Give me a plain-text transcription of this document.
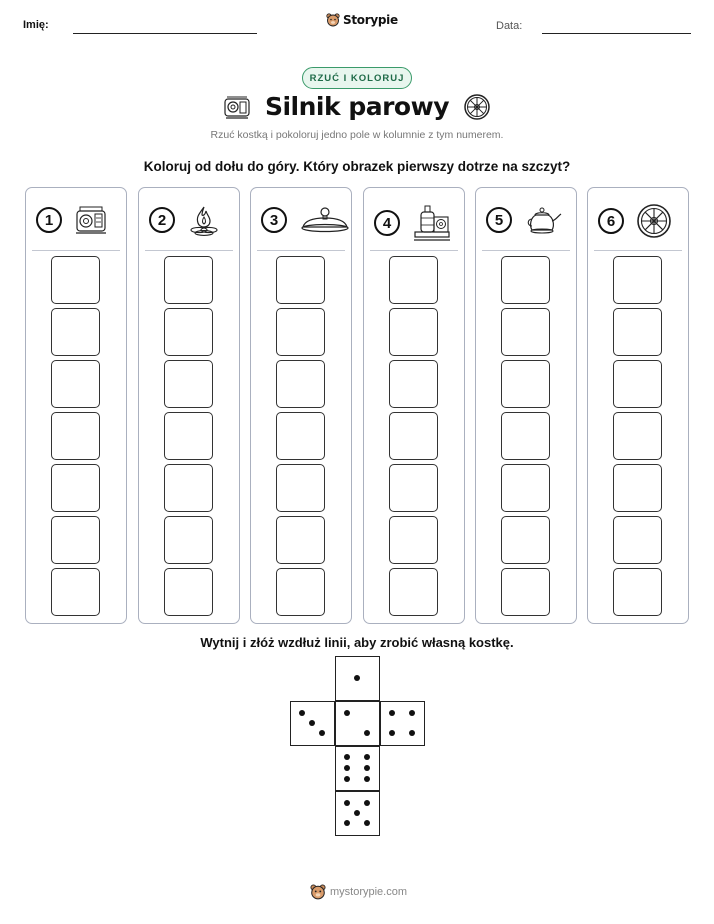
Imię:	Storypie	Data:
RZUĆ I KOLORUJ
Silnik parowy
Rzuć kostką i pokoloruj jedno pole w kolumnie z tym numerem.
Koloruj od dołu do góry. Który obrazek pierwszy dotrze na szczyt?
1	2	3	4	5	6
Wytnij i złóż wzdłuż linii, aby zrobić własną kostkę.
mystorypie.com
